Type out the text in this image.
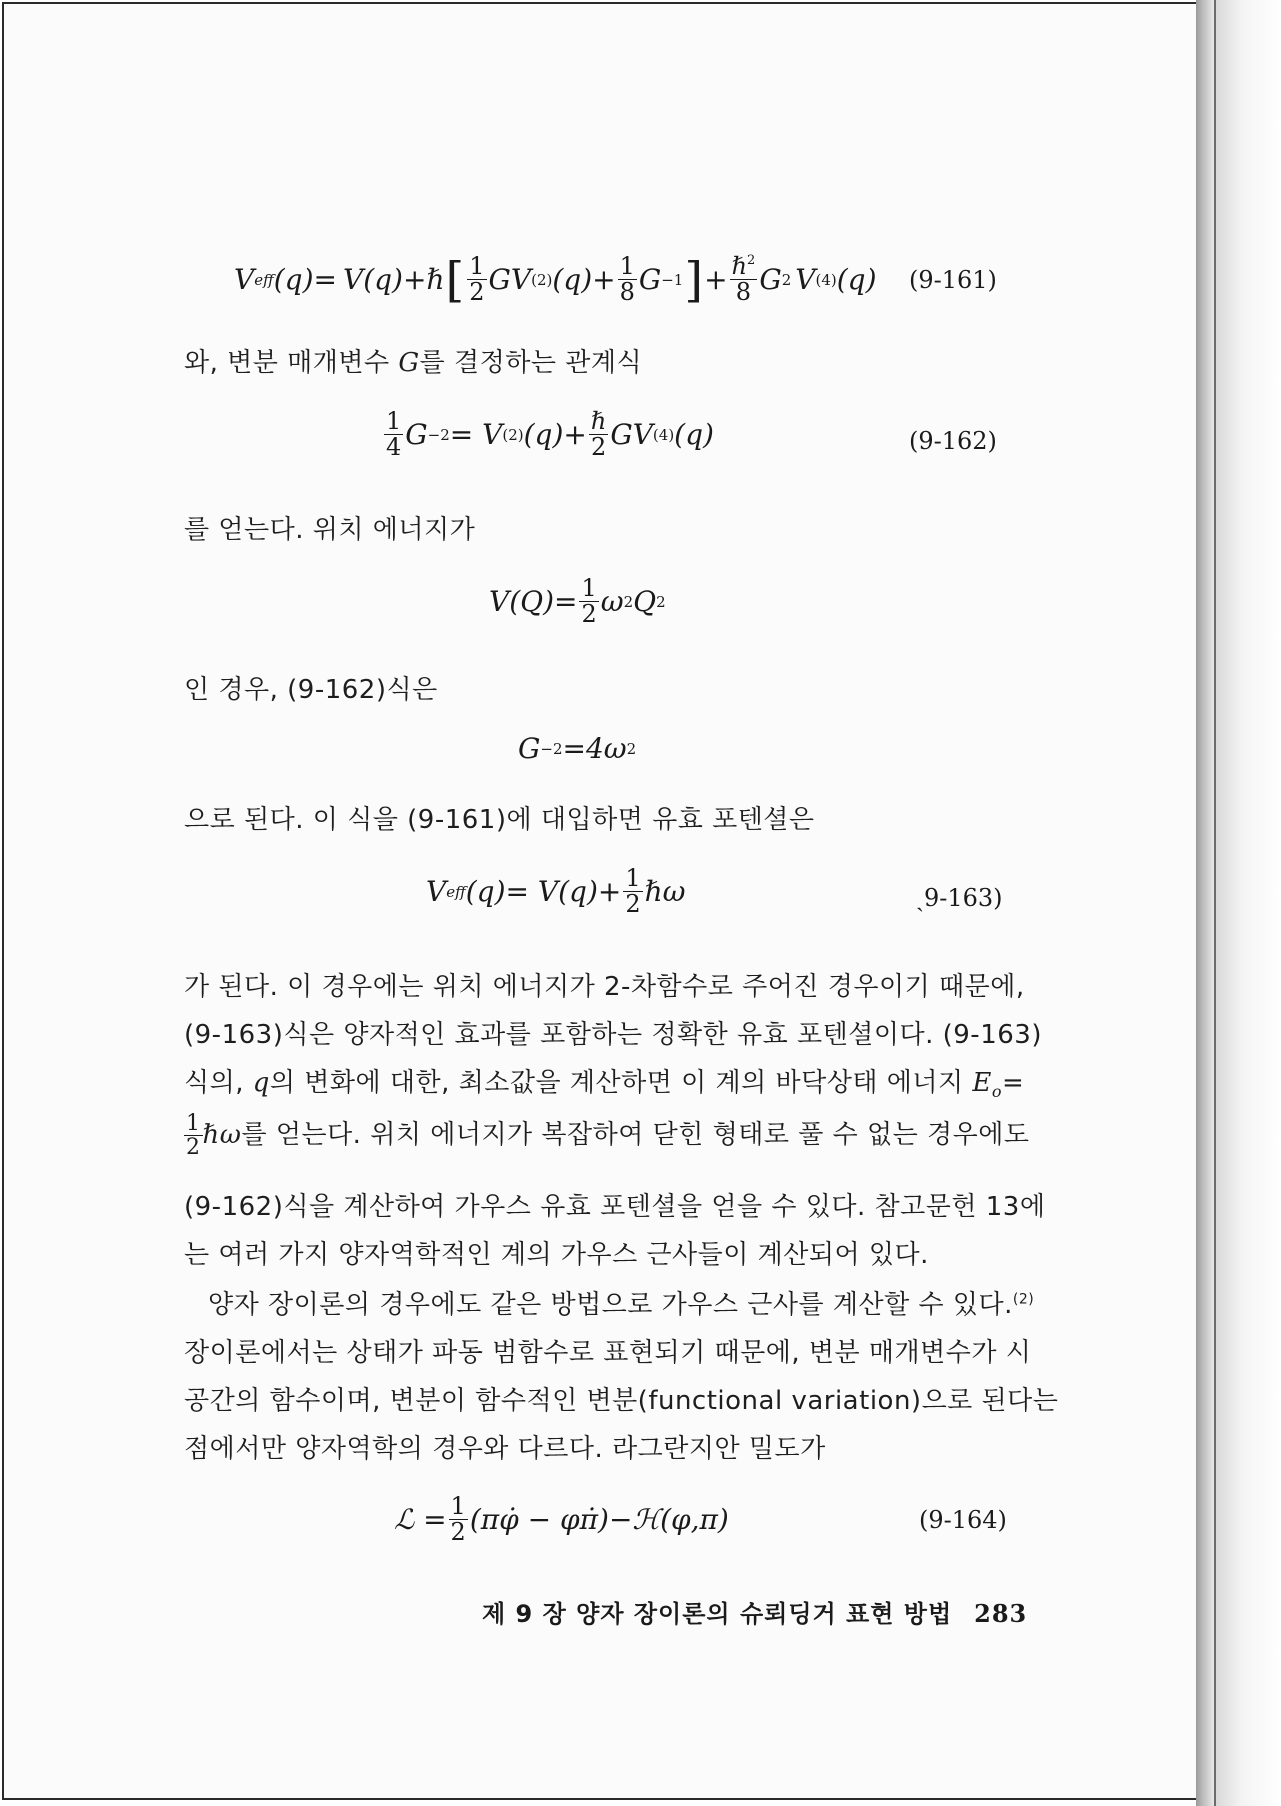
V eff (q)= V(q)+ ℏ [ $\frac{1}{2}$ GV (2) $(q)+ \frac{1}{8}$ G −1 ] + $\frac{\hbar^2}{8}$ G 2 V (4) (q) (9-161)
와, 변분 매개변수 G를 결정하는 관계식
$\frac{1}{4}$ G −2 = V (2) $(q)+ \frac{\text{ℏ}}{2}$ GV (4) (q)	(9-162)
를 얻는다. 위치 에너지가
$V(Q)= \frac{1}{2}$ ω 2 Q 2
인 경우, (9-162)식은
G −2 =4ω 2
으로 된다. 이 식을 (9-161)에 대입하면 유효 포텐셜은
V eff $(q)= V(q)+ \frac{1}{2}$ ℏω	ˎ9-163)
가 된다. 이 경우에는 위치 에너지가 2-차함수로 주어진 경우이기 때문에,
(9-163)식은 양자적인 효과를 포함하는 정확한 유효 포텐셜이다. (9-163)
식의, q의 변화에 대한, 최소값을 계산하면 이 계의 바닥상태 에너지 $E_o=$
$\frac{1}{2}$ ℏω를 얻는다. 위치 에너지가 복잡하여 닫힌 형태로 풀 수 없는 경우에도
(9-162)식을 계산하여 가우스 유효 포텐셜을 얻을 수 있다. 참고문헌 13에
는 여러 가지 양자역학적인 계의 가우스 근사들이 계산되어 있다.
양자 장이론의 경우에도 같은 방법으로 가우스 근사를 계산할 수 있다.$^{(2)}$
장이론에서는 상태가 파동 범함수로 표현되기 때문에, 변분 매개변수가 시
공간의 함수이며, 변분이 함수적인 변분(functional variation)으로 된다는
점에서만 양자역학의 경우와 다르다. 라그란지안 밀도가
ℒ = $\frac{1}{2}$ (πφ̇ − φπ̇)−ℋ(φ,π)	(9-164)
제 9 장 양자 장이론의 슈뢰딩거 표현 방법 283
